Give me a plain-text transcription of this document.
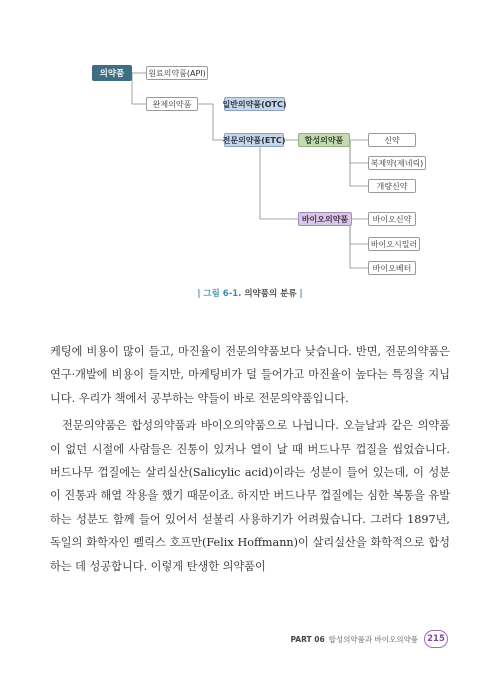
의약품	원료의약품(API)
완제의약품	일반의약품(OTC)
전문의약품(ETC)	합성의약품
바이오의약품
신약
복제약(제네릭)
개량신약
바이오신약
바이오시밀러
바이오베터
| 그림 6-1. 의약품의 분류 |

케팅에 비용이 많이 들고, 마진율이 전문의약품보다 낮습니다. 반면, 전문의약품은 연구·개발에 비용이 들지만, 마케팅비가 덜 들어가고 마진율이 높다는 특징을 지닙니다. 우리가 책에서 공부하는 약들이 바로 전문의약품입니다.

전문의약품은 합성의약품과 바이오의약품으로 나뉩니다. 오늘날과 같은 의약품이 없던 시절에 사람들은 진통이 있거나 열이 날 때 버드나무 껍질을 씹었습니다. 버드나무 껍질에는 살리실산(Salicylic acid)이라는 성분이 들어 있는데, 이 성분이 진통과 해열 작용을 했기 때문이죠. 하지만 버드나무 껍질에는 심한 복통을 유발하는 성분도 함께 들어 있어서 섣불리 사용하기가 어려웠습니다. 그러다 1897년, 독일의 화학자인 펠릭스 호프만(Felix Hoffmann)이 살리실산을 화학적으로 합성하는 데 성공합니다. 이렇게 탄생한 의약품이

PART 06 합성의약품과 바이오의약품	215
